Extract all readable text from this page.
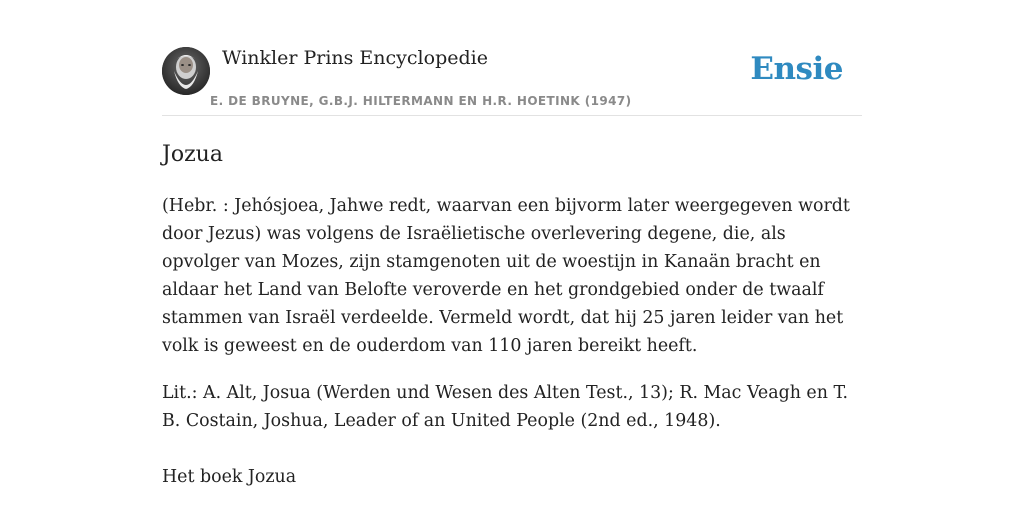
Winkler Prins Encyclopedie
E. DE BRUYNE, G.B.J. HILTERMANN EN H.R. HOETINK (1947)
Ensie
Jozua

(Hebr. : Jehósjoea, Jahwe redt, waarvan een bijvorm later weergegeven wordt door Jezus) was volgens de Israëlietische overlevering degene, die, als opvolger van Mozes, zijn stamgenoten uit de woestijn in Kanaän bracht en aldaar het Land van Belofte veroverde en het grondgebied onder de twaalf stammen van Israël verdeelde. Vermeld wordt, dat hij 25 jaren leider van het volk is geweest en de ouderdom van 110 jaren bereikt heeft.

Lit.: A. Alt, Josua (Werden und Wesen des Alten Test., 13); R. Mac Veagh en T. B. Costain, Joshua, Leader of an United People (2nd ed., 1948).

Het boek Jozua
